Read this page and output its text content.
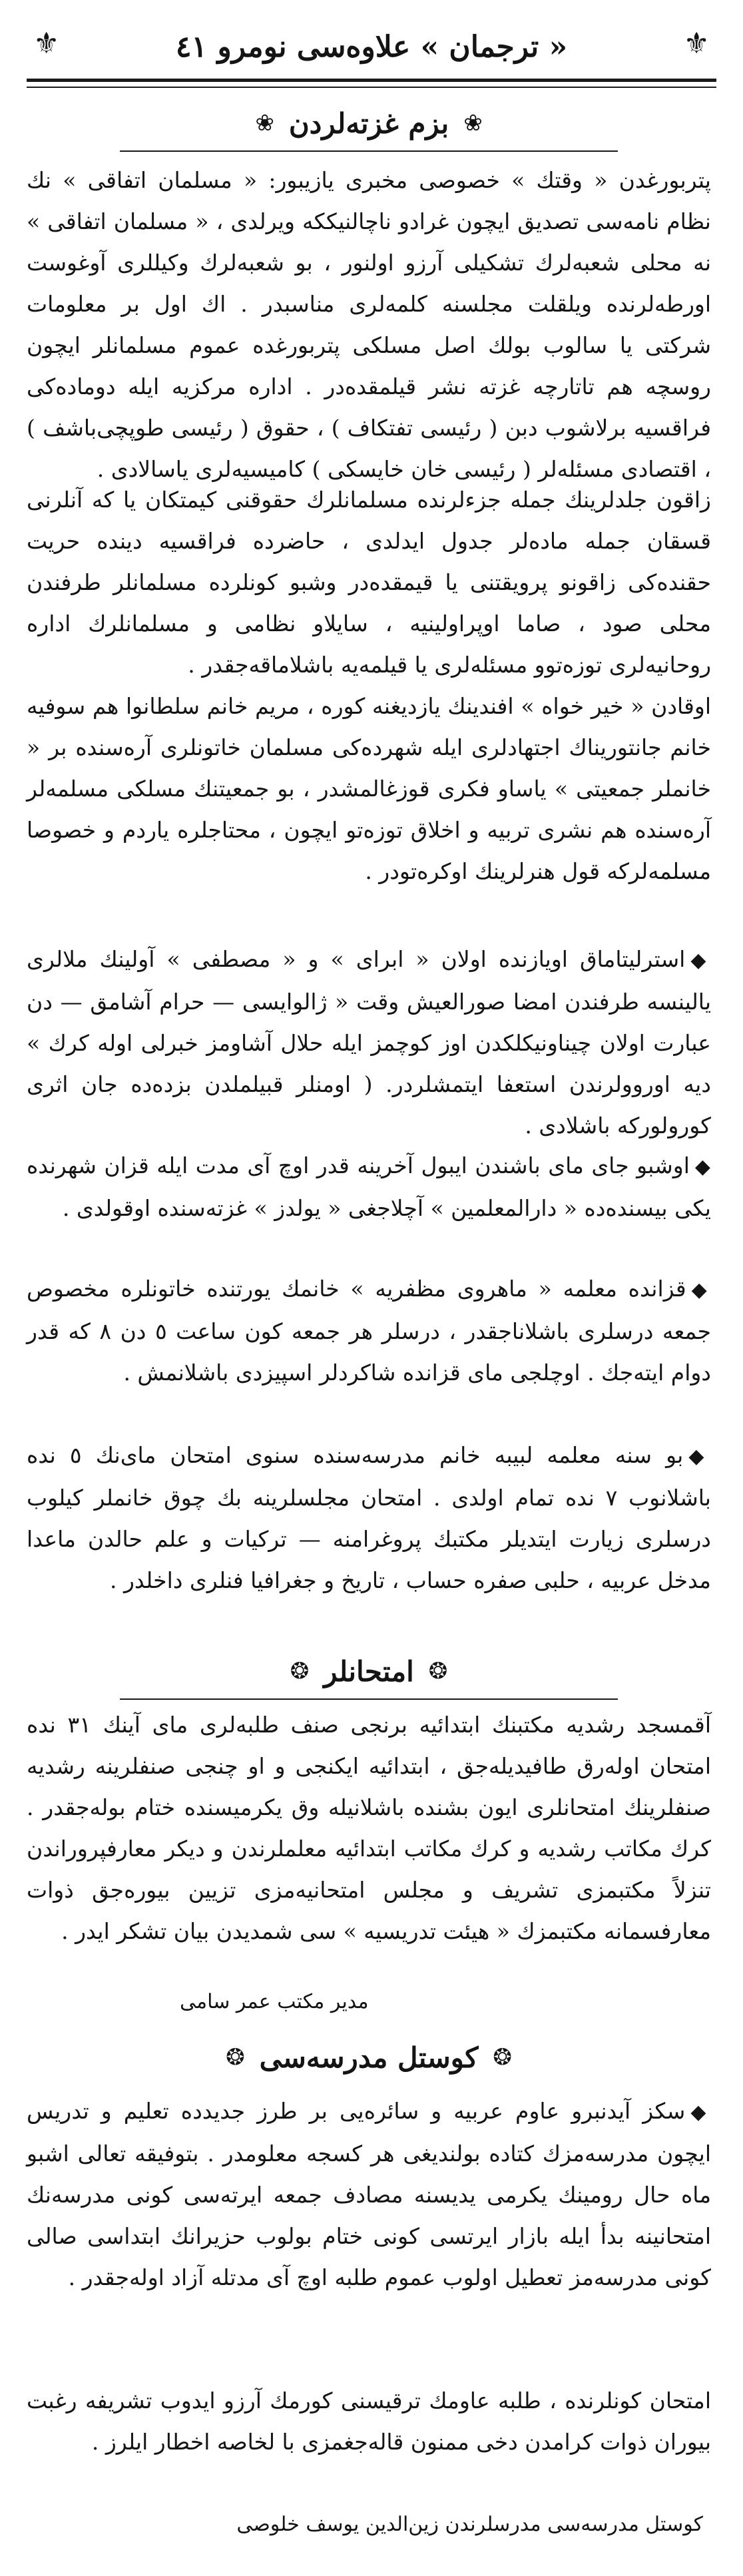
⚜
« ترجمان » علاوه‌سی نومرو ٤١
⚜
❀
بزم غزته‌لردن
❀

پتربورغدن « وقتك » خصوصی مخبری یازیبور: « مسلمان اتفاقی » نك نظام نامه‌سی تصدیق ایچون غرادو ناچالنیککه ویرلدی ، « مسلمان اتفاقی » نه محلی شعبه‌لرك تشکیلی آرزو اولنور ، بو شعبه‌لرك وکیللری آوغوست اورطه‌لرنده ویلقلت مجلسنه کلمه‌لری مناسبدر . اك اول بر معلومات شرکتی یا سالوب بولك اصل مسلکی پتربورغده عموم مسلمانلر ایچون روسچه هم تاتارچه غزته نشر قیلمقده‌در . اداره مرکزیه ایله دوماده‌کی فراقسیه برلاشوب دبن ( رئیسی تفتکاف ) ، حقوق ( رئیسی طوپچی‌باشف ) ، اقتصادی مسئله‌لر ( رئیسی خان خایسکی ) کامیسیه‌لری یاسالادی .

زاقون جلدلرینك جمله جزءلرنده مسلمانلرك حقوقنی کیمتکان یا که آنلرنی قسقان جمله ماده‌لر جدول ایدلدی ، حاضرده فراقسیه دیندە حریت حقنده‌کی زاقونو پرویقتنی یا قیمقده‌در وشبو کونلرده مسلمانلر طرفندن محلی صود ، صاما اوپراولینیه ، سایلاو نظامی و مسلمانلرك اداره روحانیه‌لری توزه‌توو مسئله‌لری یا قیلمه‌یه باشلاماقه‌جقدر .

اوقادن « خیر خواه » افندینك یازدیغنه کوره ، مریم خانم سلطانوا هم سوفیه خانم جانتوریناك اجتهادلری ایله شهرده‌کی مسلمان خاتونلری آره‌سنده بر « خانملر جمعیتی » یاساو فکری قوزغالمشدر ، بو جمعیتنك مسلکی مسلمه‌لر آره‌سنده هم نشری تربیه و اخلاق توزه‌تو ایچون ، محتاجلره یاردم و خصوصا مسلمه‌لرکه قول هنرلرینك اوکره‌تودر .

◆استرلیتاماق اویازنده اولان « ابرای » و « مصطفی » آولینك ملالری یالینسه طرفندن امضا صورالعیش وقت « ژالوایسی — حرام آشامق — دن عبارت اولان چیناونیکلکدن اوز کوچمز ایله حلال آشاومز خبرلی اوله کرك » دیه اوروولرندن استعفا ایتمشلردر. ( اومنلر قبیلملدن بزده‌ده جان اثری کورولورکه باشلادی .

◆اوشبو جای مای باشندن ایبول آخرینه قدر اوچ آی مدت ایله قزان شهرنده یکی بیسنده‌ده « دارالمعلمین » آچلاجغی « یولدز » غزته‌سنده اوقولدی .

◆قزانده معلمه « ماهروی مظفریه » خانمك یورتنده خاتونلره مخصوص جمعه درسلری باشلاناجقدر ، درسلر هر جمعه کون ساعت ٥ دن ٨ که قدر دوام ایتەجك . اوچلجی مای قزانده شاکردلر اسپیزدی باشلانمش .

◆بو سنه معلمه لبیبه خانم مدرسه‌سنده سنوی امتحان مای‌نك ٥ نده باشلانوب ٧ نده تمام اولدی . امتحان مجلسلرینه بك چوق خانملر کیلوب درسلری زیارت ایتدیلر مکتبك پروغرامنه — ترکیات و علم حالدن ماعدا مدخل عربیه ، حلبی صفره حساب ، تاریخ و جغرافیا فنلری داخلدر .

❂
امتحانلر
❂

آقمسجد رشدیه مکتبنك ابتدائیه برنجی صنف طلبه‌لری مای آینك ۳۱ نده امتحان اوله‌رق طافیدیله‌جق ، ابتدائیه ایکنجی و او چنجی صنفلرینه رشدیه صنفلرینك امتحانلری ایون بشنده باشلانیله وق یکرمیسنده ختام بوله‌جقدر . کرك مکاتب رشدیه و کرك مکاتب ابتدائیه معلملرندن و دیکر معارفپروراندن تنزلاً مکتبمزی تشریف و مجلس امتحانیه‌مزی تزیین بیورەجق ذوات معارفسمانه مکتبمزك « هیئت تدریسیه » سی شمدیدن بیان تشکر ایدر .

مدیر مکتب عمر سامی
❂
کوستل مدرسه‌سی
❂

◆سکز آیدنبرو عاوم عربیه و سائره‌یی بر طرز جدیدده تعلیم و تدریس ایچون مدرسه‌مزك کتاده بولندیغی هر کسجه معلومدر . بتوفیقه تعالی اشبو ماه حال رومینك یکرمی یدیسنه مصادف جمعه ایرته‌سی کونی مدرسه‌نك امتحانینه بدأ ایله بازار ایرتسی کونی ختام بولوب حزیرانك ابتداسی صالی کونی مدرسه‌مز تعطیل اولوب عموم طلبه اوچ آی مدتله آزاد اوله‌جقدر .

امتحان کونلرنده ، طلبه عاومك ترقیسنی کورمك آرزو ایدوب تشریفه رغبت بیوران ذوات کرامدن دخی ممنون قاله‌جغمزی با لخاصه اخطار ایلرز .

کوستل مدرسه‌سی مدرسلرندن زین‌الدین یوسف خلوصی
